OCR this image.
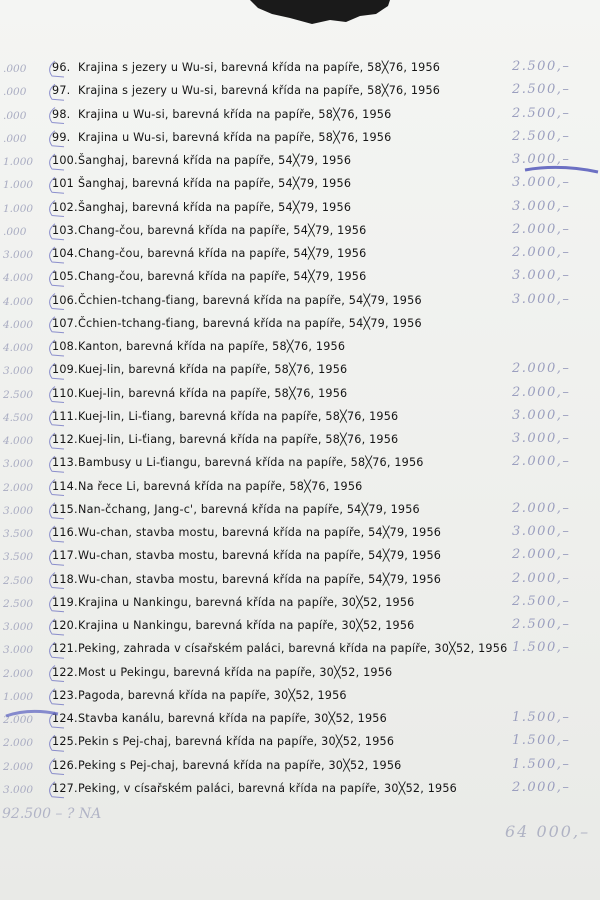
.000	96. Krajina s jezery u Wu-si, barevná křída na papíře, 58╳76, 1956	2.500,–
.000	97. Krajina s jezery u Wu-si, barevná křída na papíře, 58╳76, 1956	2.500,–
.000	98. Krajina u Wu-si, barevná křída na papíře, 58╳76, 1956	2.500,–
.000	99. Krajina u Wu-si, barevná křída na papíře, 58╳76, 1956	2.500,–
1.000	100.Šanghaj, barevná křída na papíře, 54╳79, 1956	3.000,–
1.000	101 Šanghaj, barevná křída na papíře, 54╳79, 1956	3.000,–
1.000	102.Šanghaj, barevná křída na papíře, 54╳79, 1956	3.000,–
.000	103.Chang-čou, barevná křída na papíře, 54╳79, 1956	2.000,–
3.000	104.Chang-čou, barevná křída na papíře, 54╳79, 1956	2.000,–
4.000	105.Chang-čou, barevná křída na papíře, 54╳79, 1956	3.000,–
4.000	106.Čchien-tchang-ťiang, barevná křída na papíře, 54╳79, 1956	3.000,–
4.000	107.Čchien-tchang-ťiang, barevná křída na papíře, 54╳79, 1956
4.000	108.Kanton, barevná křída na papíře, 58╳76, 1956
3.000	109.Kuej-lin, barevná křída na papíře, 58╳76, 1956	2.000,–
2.500	110.Kuej-lin, barevná křída na papíře, 58╳76, 1956	2.000,–
4.500	111.Kuej-lin, Li-ťiang, barevná křída na papíře, 58╳76, 1956	3.000,–
4.000	112.Kuej-lin, Li-ťiang, barevná křída na papíře, 58╳76, 1956	3.000,–
3.000	113.Bambusy u Li-ťiangu, barevná křída na papíře, 58╳76, 1956	2.000,–
2.000	114.Na řece Li, barevná křída na papíře, 58╳76, 1956
3.000	115.Nan-čchang, Jang-c', barevná křída na papíře, 54╳79, 1956	2.000,–
3.500	116.Wu-chan, stavba mostu, barevná křída na papíře, 54╳79, 1956	3.000,–
3.500	117.Wu-chan, stavba mostu, barevná křída na papíře, 54╳79, 1956	2.000,–
2.500	118.Wu-chan, stavba mostu, barevná křída na papíře, 54╳79, 1956	2.000,–
2.500	119.Krajina u Nankingu, barevná křída na papíře, 30╳52, 1956	2.500,–
3.000	120.Krajina u Nankingu, barevná křída na papíře, 30╳52, 1956	2.500,–
3.000	121.Peking, zahrada v císařském paláci, barevná křída na papíře, 30╳52, 1956 1.500,–
2.000	122.Most u Pekingu, barevná křída na papíře, 30╳52, 1956
1.000	123.Pagoda, barevná křída na papíře, 30╳52, 1956
2.000	124.Stavba kanálu, barevná křída na papíře, 30╳52, 1956	1.500,–
2.000	125.Pekin s Pej-chaj, barevná křída na papíře, 30╳52, 1956	1.500,–
2.000	126.Peking s Pej-chaj, barevná křída na papíře, 30╳52, 1956	1.500,–
3.000	127.Peking, v císařském paláci, barevná křída na papíře, 30╳52, 1956	2.000,–
64 000,–
92.500 – ? NA
